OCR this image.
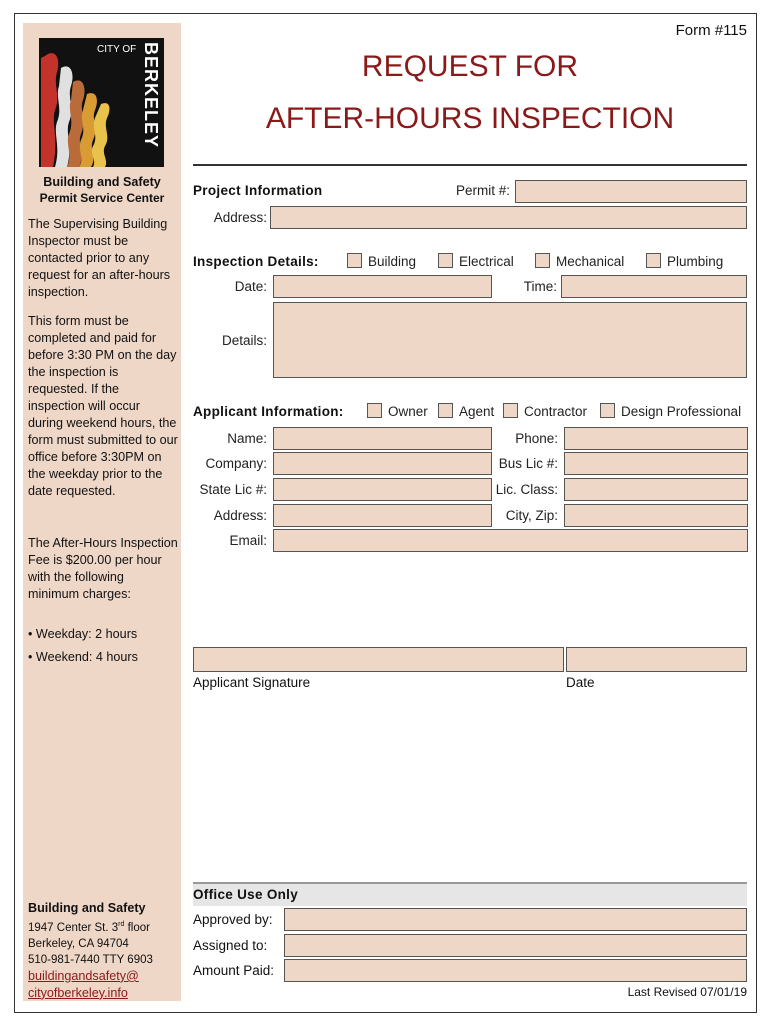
CITY OF BERKELEY
Building and Safety
Permit Service Center
The Supervising Building Inspector must be contacted prior to any request for an after-hours inspection.
This form must be completed and paid for before 3:30 PM on the day the inspection is requested. If the inspection will occur during weekend hours, the form must submitted to our office before 3:30PM on the weekday prior to the date requested.
The After-Hours Inspection Fee is $200.00 per hour with the following minimum charges:
• Weekday: 2 hours
• Weekend: 4 hours
Building and Safety
1947 Center St. 3rd floor
Berkeley, CA 94704
510-981-7440 TTY 6903
buildingandsafety@
cityofberkeley.info
Form #115
REQUEST FOR
AFTER-HOURS INSPECTION
Project Information	Permit #:
Address:
Inspection Details:	Building	Electrical	Mechanical	Plumbing
Date:	Time:
Details:
Applicant Information:	Owner Agent Contractor	Design Professional
Name:	Phone:
Company:	Bus Lic #:
State Lic #:	Lic. Class:
Address:	City, Zip:
Email:
Applicant Signature	Date
Office Use Only
Approved by:
Assigned to:
Amount Paid:
Last Revised 07/01/19
